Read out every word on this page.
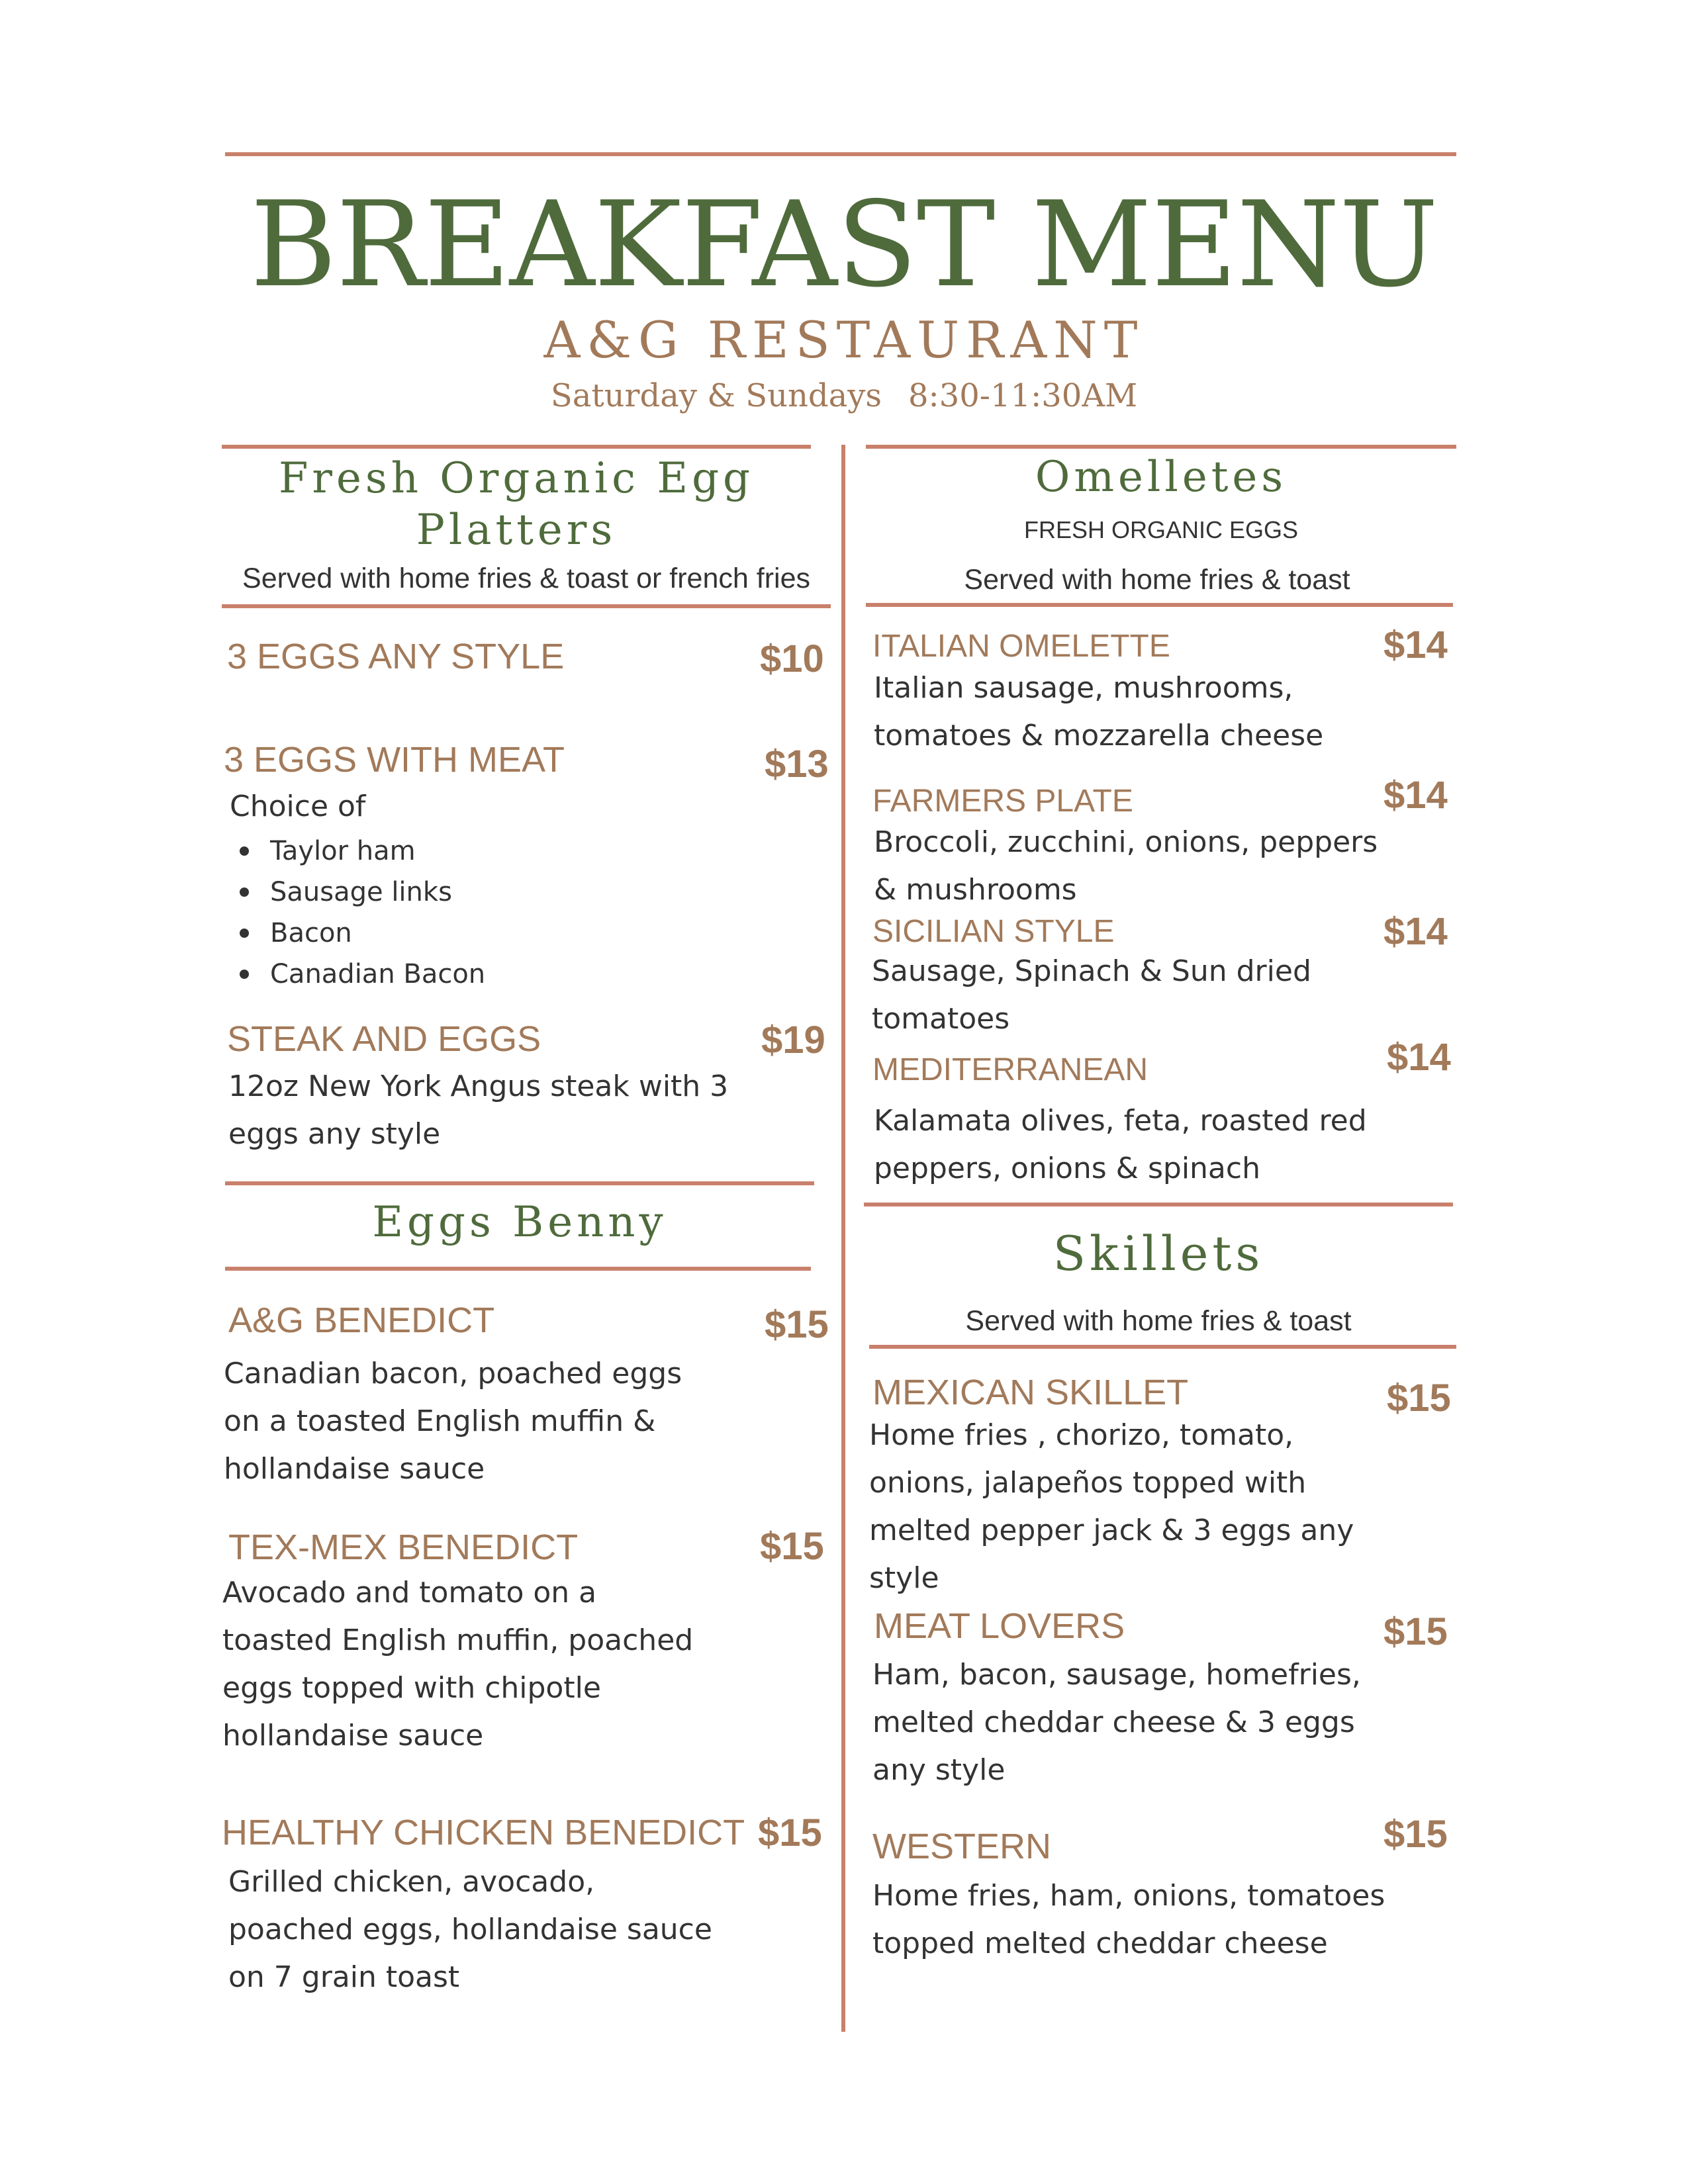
BREAKFAST MENU
A&G RESTAURANT
Saturday & Sundays 8:30-11:30AM
Fresh Organic Egg
Platters
Served with home fries & toast or french fries
3 EGGS ANY STYLE	$10
3 EGGS WITH MEAT	$13
Choice of
Taylor ham
Sausage links
Bacon
Canadian Bacon
STEAK AND EGGS	$19
12oz New York Angus steak with 3
eggs any style
Eggs Benny
A&G BENEDICT	$15
Canadian bacon, poached eggs
on a toasted English muffin &
hollandaise sauce
TEX-MEX BENEDICT	$15
Avocado and tomato on a
toasted English muffin, poached
eggs topped with chipotle
hollandaise sauce
HEALTHY CHICKEN BENEDICT $15
Grilled chicken, avocado,
poached eggs, hollandaise sauce
on 7 grain toast
Omelletes
FRESH ORGANIC EGGS
Served with home fries & toast
ITALIAN OMELETTE	$14
Italian sausage, mushrooms,
tomatoes & mozzarella cheese
FARMERS PLATE	$14
Broccoli, zucchini, onions, peppers
& mushrooms
SICILIAN STYLE	$14
Sausage, Spinach & Sun dried
tomatoes
MEDITERRANEAN	$14
Kalamata olives, feta, roasted red
peppers, onions & spinach
Skillets
Served with home fries & toast
MEXICAN SKILLET	$15
Home fries , chorizo, tomato,
onions, jalapeños topped with
melted pepper jack & 3 eggs any
style
MEAT LOVERS	$15
Ham, bacon, sausage, homefries,
melted cheddar cheese & 3 eggs
any style
WESTERN	$15
Home fries, ham, onions, tomatoes
topped melted cheddar cheese
